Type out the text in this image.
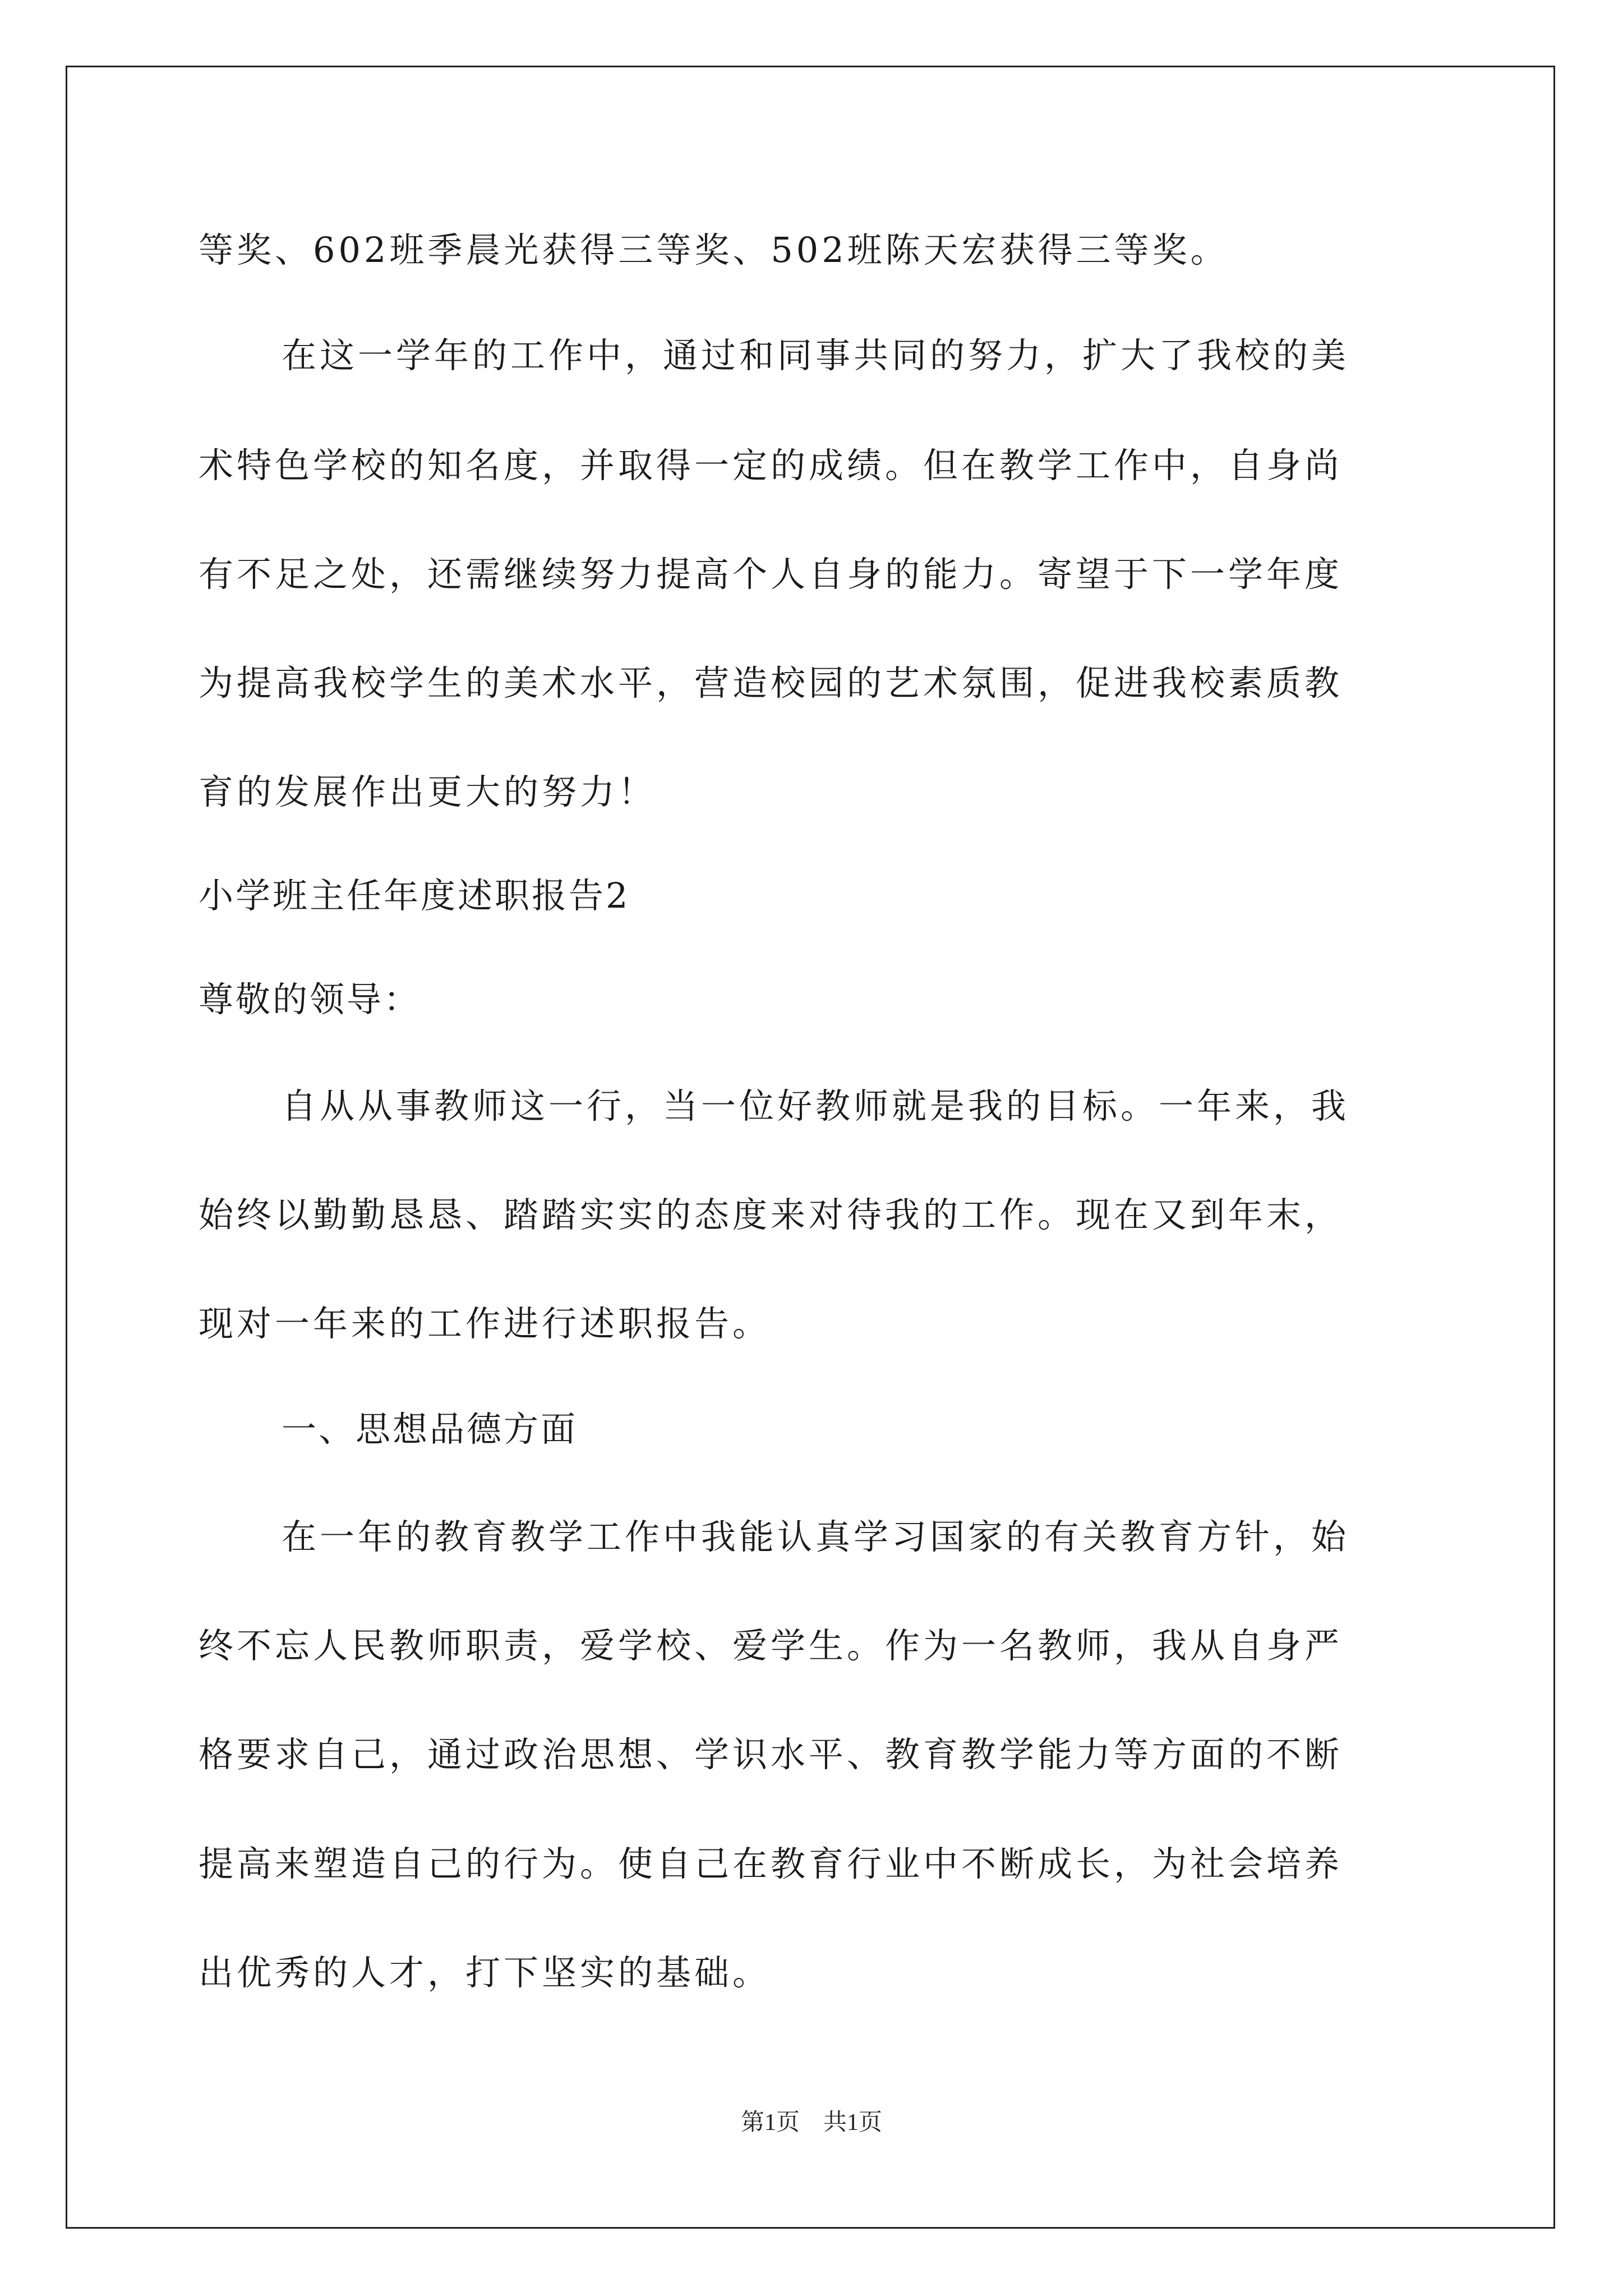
等奖、602班季晨光获得三等奖、502班陈天宏获得三等奖。
在这一学年的工作中，通过和同事共同的努力，扩大了我校的美
术特色学校的知名度，并取得一定的成绩。但在教学工作中，自身尚
有不足之处，还需继续努力提高个人自身的能力。寄望于下一学年度
为提高我校学生的美术水平，营造校园的艺术氛围，促进我校素质教
育的发展作出更大的努力！
小学班主任年度述职报告2
尊敬的领导：
自从从事教师这一行，当一位好教师就是我的目标。一年来，我
始终以勤勤恳恳、踏踏实实的态度来对待我的工作。现在又到年末，
现对一年来的工作进行述职报告。
一、思想品德方面
在一年的教育教学工作中我能认真学习国家的有关教育方针，始
终不忘人民教师职责，爱学校、爱学生。作为一名教师，我从自身严
格要求自己，通过政治思想、学识水平、教育教学能力等方面的不断
提高来塑造自己的行为。使自己在教育行业中不断成长，为社会培养
出优秀的人才，打下坚实的基础。
第1页　共1页
